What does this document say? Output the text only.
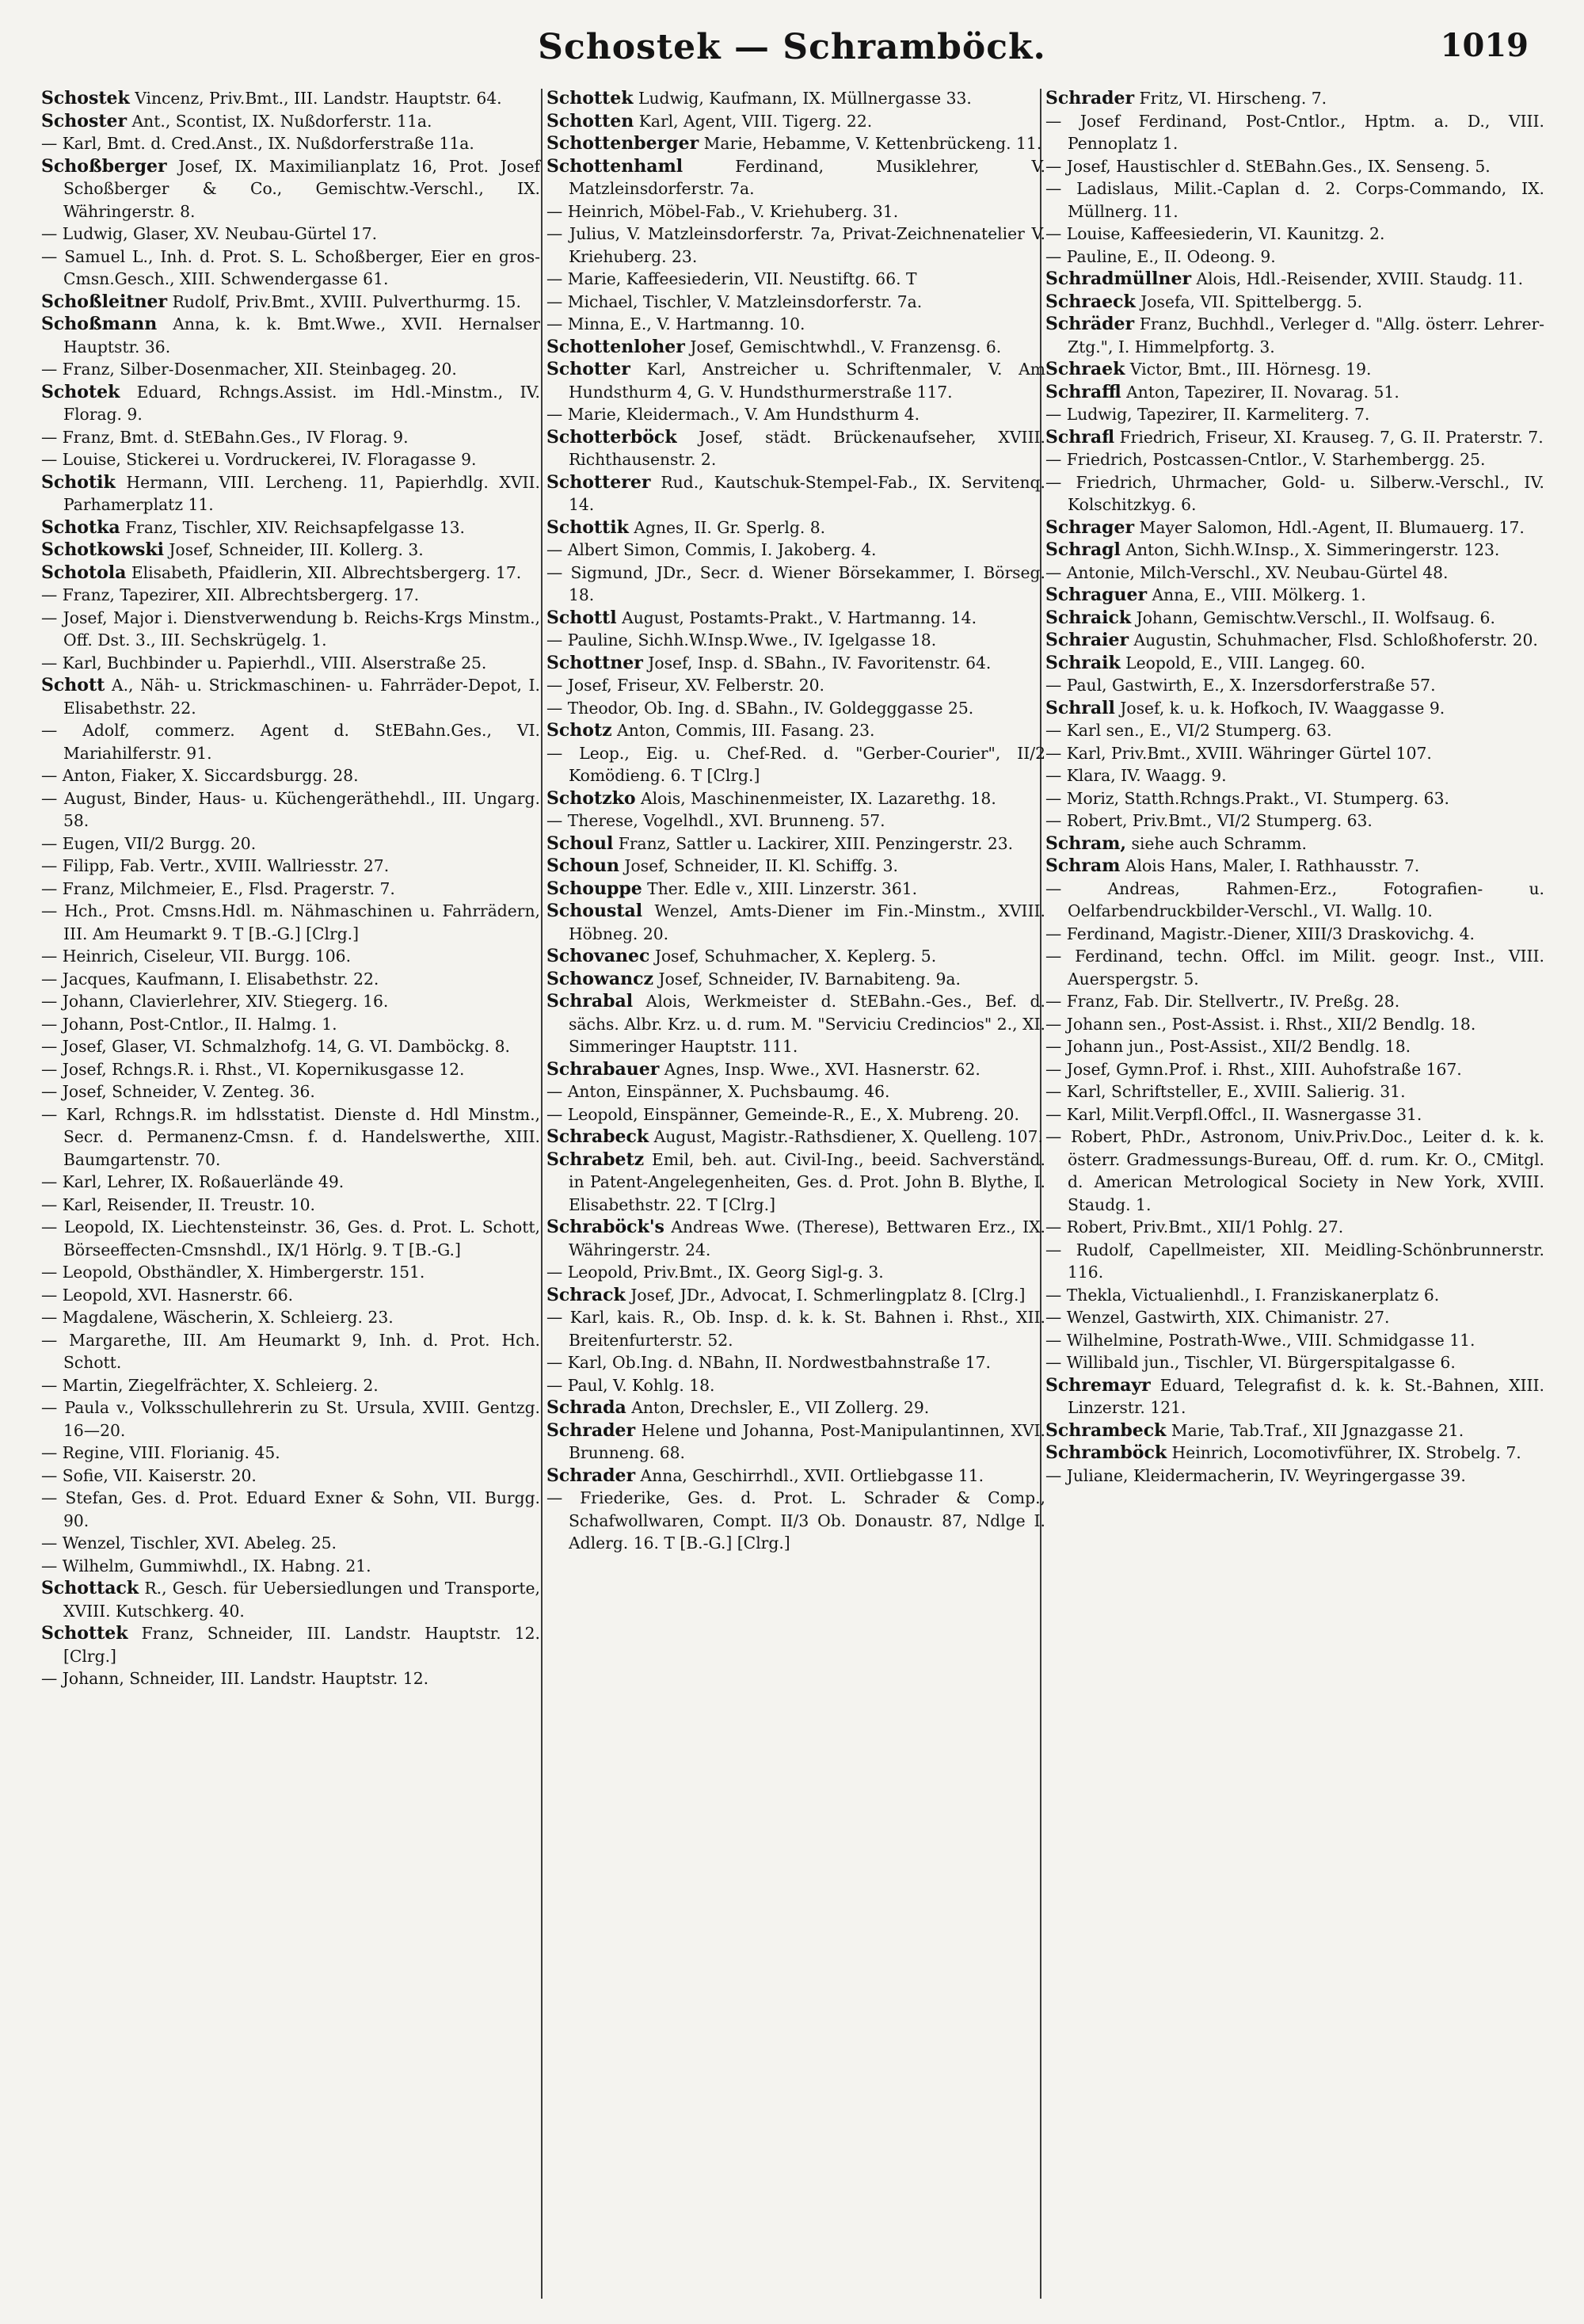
Schostek — Schramböck.	1019

Schostek Vincenz, Priv.Bmt., III. Landstr. Hauptstr. 64.

Schoster Ant., Scontist, IX. Nußdorferstr. 11a.

— Karl, Bmt. d. Cred.Anst., IX. Nußdorferstraße 11a.

Schoßberger Josef, IX. Maximilianplatz 16, Prot. Josef Schoßberger & Co., Gemischtw.-Verschl., IX. Währingerstr. 8.

— Ludwig, Glaser, XV. Neubau-Gürtel 17.

— Samuel L., Inh. d. Prot. S. L. Schoßberger, Eier en gros-Cmsn.Gesch., XIII. Schwendergasse 61.

Schoßleitner Rudolf, Priv.Bmt., XVIII. Pulverthurmg. 15.

Schoßmann Anna, k. k. Bmt.Wwe., XVII. Hernalser Hauptstr. 36.

— Franz, Silber-Dosenmacher, XII. Steinbageg. 20.

Schotek Eduard, Rchngs.Assist. im Hdl.-Minstm., IV. Florag. 9.

— Franz, Bmt. d. StEBahn.Ges., IV Florag. 9.

— Louise, Stickerei u. Vordruckerei, IV. Floragasse 9.

Schotik Hermann, VIII. Lercheng. 11, Papierhdlg. XVII. Parhamerplatz 11.

Schotka Franz, Tischler, XIV. Reichsapfelgasse 13.

Schotkowski Josef, Schneider, III. Kollerg. 3.

Schotola Elisabeth, Pfaidlerin, XII. Albrechtsbergerg. 17.

— Franz, Tapezirer, XII. Albrechtsbergerg. 17.

— Josef, Major i. Dienstverwendung b. Reichs-Krgs Minstm., Off. Dst. 3., III. Sechskrügelg. 1.

— Karl, Buchbinder u. Papierhdl., VIII. Alserstraße 25.

Schott A., Näh- u. Strickmaschinen- u. Fahrräder-Depot, I. Elisabethstr. 22.

— Adolf, commerz. Agent d. StEBahn.Ges., VI. Mariahilferstr. 91.

— Anton, Fiaker, X. Siccardsburgg. 28.

— August, Binder, Haus- u. Küchengeräthehdl., III. Ungarg. 58.

— Eugen, VII/2 Burgg. 20.

— Filipp, Fab. Vertr., XVIII. Wallriesstr. 27.

— Franz, Milchmeier, E., Flsd. Pragerstr. 7.

— Hch., Prot. Cmsns.Hdl. m. Nähmaschinen u. Fahrrädern, III. Am Heumarkt 9. T [B.-G.] [Clrg.]

— Heinrich, Ciseleur, VII. Burgg. 106.

— Jacques, Kaufmann, I. Elisabethstr. 22.

— Johann, Clavierlehrer, XIV. Stiegerg. 16.

— Johann, Post-Cntlor., II. Halmg. 1.

— Josef, Glaser, VI. Schmalzhofg. 14, G. VI. Damböckg. 8.

— Josef, Rchngs.R. i. Rhst., VI. Kopernikusgasse 12.

— Josef, Schneider, V. Zenteg. 36.

— Karl, Rchngs.R. im hdlsstatist. Dienste d. Hdl Minstm., Secr. d. Permanenz-Cmsn. f. d. Handelswerthe, XIII. Baumgartenstr. 70.

— Karl, Lehrer, IX. Roßauerlände 49.

— Karl, Reisender, II. Treustr. 10.

— Leopold, IX. Liechtensteinstr. 36, Ges. d. Prot. L. Schott, Börseeffecten-Cmsnshdl., IX/1 Hörlg. 9. T [B.-G.]

— Leopold, Obsthändler, X. Himbergerstr. 151.

— Leopold, XVI. Hasnerstr. 66.

— Magdalene, Wäscherin, X. Schleierg. 23.

— Margarethe, III. Am Heumarkt 9, Inh. d. Prot. Hch. Schott.

— Martin, Ziegelfrächter, X. Schleierg. 2.

— Paula v., Volksschullehrerin zu St. Ursula, XVIII. Gentzg. 16—20.

— Regine, VIII. Florianig. 45.

— Sofie, VII. Kaiserstr. 20.

— Stefan, Ges. d. Prot. Eduard Exner & Sohn, VII. Burgg. 90.

— Wenzel, Tischler, XVI. Abeleg. 25.

— Wilhelm, Gummiwhdl., IX. Habng. 21.

Schottack R., Gesch. für Uebersiedlungen und Transporte, XVIII. Kutschkerg. 40.

Schottek Franz, Schneider, III. Landstr. Hauptstr. 12. [Clrg.]

— Johann, Schneider, III. Landstr. Hauptstr. 12.

Schottek Ludwig, Kaufmann, IX. Müllnergasse 33.

Schotten Karl, Agent, VIII. Tigerg. 22.

Schottenberger Marie, Hebamme, V. Kettenbrückeng. 11.

Schottenhaml Ferdinand, Musiklehrer, V. Matzleinsdorferstr. 7a.

— Heinrich, Möbel-Fab., V. Kriehuberg. 31.

— Julius, V. Matzleinsdorferstr. 7a, Privat-Zeichnenatelier V. Kriehuberg. 23.

— Marie, Kaffeesiederin, VII. Neustiftg. 66. T

— Michael, Tischler, V. Matzleinsdorferstr. 7a.

— Minna, E., V. Hartmanng. 10.

Schottenloher Josef, Gemischtwhdl., V. Franzensg. 6.

Schotter Karl, Anstreicher u. Schriftenmaler, V. Am Hundsthurm 4, G. V. Hundsthurmerstraße 117.

— Marie, Kleidermach., V. Am Hundsthurm 4.

Schotterböck Josef, städt. Brückenaufseher, XVIII. Richthausenstr. 2.

Schotterer Rud., Kautschuk-Stempel-Fab., IX. Servitenq. 14.

Schottik Agnes, II. Gr. Sperlg. 8.

— Albert Simon, Commis, I. Jakoberg. 4.

— Sigmund, JDr., Secr. d. Wiener Börsekammer, I. Börseg. 18.

Schottl August, Postamts-Prakt., V. Hartmanng. 14.

— Pauline, Sichh.W.Insp.Wwe., IV. Igelgasse 18.

Schottner Josef, Insp. d. SBahn., IV. Favoritenstr. 64.

— Josef, Friseur, XV. Felberstr. 20.

— Theodor, Ob. Ing. d. SBahn., IV. Goldegggasse 25.

Schotz Anton, Commis, III. Fasang. 23.

— Leop., Eig. u. Chef-Red. d. "Gerber-Courier", II/2 Komödieng. 6. T [Clrg.]

Schotzko Alois, Maschinenmeister, IX. Lazarethg. 18.

— Therese, Vogelhdl., XVI. Brunneng. 57.

Schoul Franz, Sattler u. Lackirer, XIII. Penzingerstr. 23.

Schoun Josef, Schneider, II. Kl. Schiffg. 3.

Schouppe Ther. Edle v., XIII. Linzerstr. 361.

Schoustal Wenzel, Amts-Diener im Fin.-Minstm., XVIII. Höbneg. 20.

Schovanec Josef, Schuhmacher, X. Keplerg. 5.

Schowancz Josef, Schneider, IV. Barnabiteng. 9a.

Schrabal Alois, Werkmeister d. StEBahn.-Ges., Bef. d. sächs. Albr. Krz. u. d. rum. M. "Serviciu Credincios" 2., XI. Simmeringer Hauptstr. 111.

Schrabauer Agnes, Insp. Wwe., XVI. Hasnerstr. 62.

— Anton, Einspänner, X. Puchsbaumg. 46.

— Leopold, Einspänner, Gemeinde-R., E., X. Mubreng. 20.

Schrabeck August, Magistr.-Rathsdiener, X. Quelleng. 107.

Schrabetz Emil, beh. aut. Civil-Ing., beeid. Sachverständ. in Patent-Angelegenheiten, Ges. d. Prot. John B. Blythe, I. Elisabethstr. 22. T [Clrg.]

Schraböck's Andreas Wwe. (Therese), Bettwaren Erz., IX. Währingerstr. 24.

— Leopold, Priv.Bmt., IX. Georg Sigl-g. 3.

Schrack Josef, JDr., Advocat, I. Schmerlingplatz 8. [Clrg.]

— Karl, kais. R., Ob. Insp. d. k. k. St. Bahnen i. Rhst., XII. Breitenfurterstr. 52.

— Karl, Ob.Ing. d. NBahn, II. Nordwestbahnstraße 17.

— Paul, V. Kohlg. 18.

Schrada Anton, Drechsler, E., VII Zollerg. 29.

Schrader Helene und Johanna, Post-Manipulantinnen, XVI. Brunneng. 68.

Schrader Anna, Geschirrhdl., XVII. Ortliebgasse 11.

— Friederike, Ges. d. Prot. L. Schrader & Comp., Schafwollwaren, Compt. II/3 Ob. Donaustr. 87, Ndlge I. Adlerg. 16. T [B.-G.] [Clrg.]

Schrader Fritz, VI. Hirscheng. 7.

— Josef Ferdinand, Post-Cntlor., Hptm. a. D., VIII. Pennoplatz 1.

— Josef, Haustischler d. StEBahn.Ges., IX. Senseng. 5.

— Ladislaus, Milit.-Caplan d. 2. Corps-Commando, IX. Müllnerg. 11.

— Louise, Kaffeesiederin, VI. Kaunitzg. 2.

— Pauline, E., II. Odeong. 9.

Schradmüllner Alois, Hdl.-Reisender, XVIII. Staudg. 11.

Schraeck Josefa, VII. Spittelbergg. 5.

Schräder Franz, Buchhdl., Verleger d. "Allg. österr. Lehrer-Ztg.", I. Himmelpfortg. 3.

Schraek Victor, Bmt., III. Hörnesg. 19.

Schraffl Anton, Tapezirer, II. Novarag. 51.

— Ludwig, Tapezirer, II. Karmeliterg. 7.

Schrafl Friedrich, Friseur, XI. Krauseg. 7, G. II. Praterstr. 7.

— Friedrich, Postcassen-Cntlor., V. Starhembergg. 25.

— Friedrich, Uhrmacher, Gold- u. Silberw.-Verschl., IV. Kolschitzkyg. 6.

Schrager Mayer Salomon, Hdl.-Agent, II. Blumauerg. 17.

Schragl Anton, Sichh.W.Insp., X. Simmeringerstr. 123.

— Antonie, Milch-Verschl., XV. Neubau-Gürtel 48.

Schraguer Anna, E., VIII. Mölkerg. 1.

Schraick Johann, Gemischtw.Verschl., II. Wolfsaug. 6.

Schraier Augustin, Schuhmacher, Flsd. Schloßhoferstr. 20.

Schraik Leopold, E., VIII. Langeg. 60.

— Paul, Gastwirth, E., X. Inzersdorferstraße 57.

Schrall Josef, k. u. k. Hofkoch, IV. Waaggasse 9.

— Karl sen., E., VI/2 Stumperg. 63.

— Karl, Priv.Bmt., XVIII. Währinger Gürtel 107.

— Klara, IV. Waagg. 9.

— Moriz, Statth.Rchngs.Prakt., VI. Stumperg. 63.

— Robert, Priv.Bmt., VI/2 Stumperg. 63.

Schram, siehe auch Schramm.

Schram Alois Hans, Maler, I. Rathhausstr. 7.

— Andreas, Rahmen-Erz., Fotografien- u. Oelfarbendruckbilder-Verschl., VI. Wallg. 10.

— Ferdinand, Magistr.-Diener, XIII/3 Draskovichg. 4.

— Ferdinand, techn. Offcl. im Milit. geogr. Inst., VIII. Auerspergstr. 5.

— Franz, Fab. Dir. Stellvertr., IV. Preßg. 28.

— Johann sen., Post-Assist. i. Rhst., XII/2 Bendlg. 18.

— Johann jun., Post-Assist., XII/2 Bendlg. 18.

— Josef, Gymn.Prof. i. Rhst., XIII. Auhofstraße 167.

— Karl, Schriftsteller, E., XVIII. Salierig. 31.

— Karl, Milit.Verpfl.Offcl., II. Wasnergasse 31.

— Robert, PhDr., Astronom, Univ.Priv.Doc., Leiter d. k. k. österr. Gradmessungs-Bureau, Off. d. rum. Kr. O., CMitgl. d. American Metrological Society in New York, XVIII. Staudg. 1.

— Robert, Priv.Bmt., XII/1 Pohlg. 27.

— Rudolf, Capellmeister, XII. Meidling-Schönbrunnerstr. 116.

— Thekla, Victualienhdl., I. Franziskanerplatz 6.

— Wenzel, Gastwirth, XIX. Chimanistr. 27.

— Wilhelmine, Postrath-Wwe., VIII. Schmidgasse 11.

— Willibald jun., Tischler, VI. Bürgerspitalgasse 6.

Schremayr Eduard, Telegrafist d. k. k. St.-Bahnen, XIII. Linzerstr. 121.

Schrambeck Marie, Tab.Traf., XII Jgnazgasse 21.

Schramböck Heinrich, Locomotivführer, IX. Strobelg. 7.

— Juliane, Kleidermacherin, IV. Weyringergasse 39.
